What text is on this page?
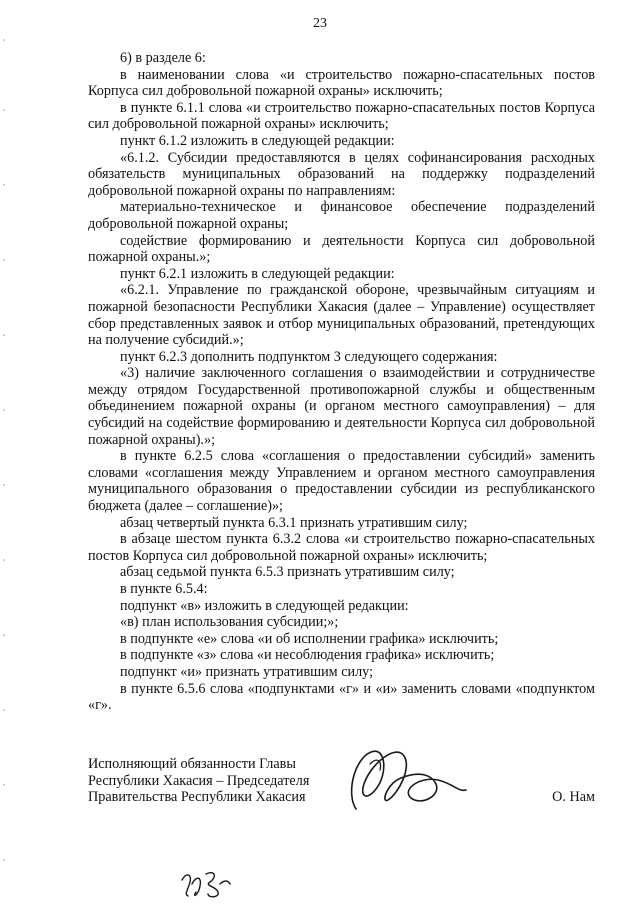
23

6) в разделе 6:

в наименовании слова «и строительство пожарно-спасательных постов Корпуса сил добровольной пожарной охраны» исключить;

в пункте 6.1.1 слова «и строительство пожарно-спасательных постов Корпуса сил добровольной пожарной охраны» исключить;

пункт 6.1.2 изложить в следующей редакции:

«6.1.2. Субсидии предоставляются в целях софинансирования расходных обязательств муниципальных образований на поддержку подразделений добровольной пожарной охраны по направлениям:

материально-техническое и финансовое обеспечение подразделений добровольной пожарной охраны;

содействие формированию и деятельности Корпуса сил добровольной пожарной охраны.»;

пункт 6.2.1 изложить в следующей редакции:

«6.2.1. Управление по гражданской обороне, чрезвычайным ситуациям и пожарной безопасности Республики Хакасия (далее – Управление) осуществляет сбор представленных заявок и отбор муниципальных образований, претендующих на получение субсидий.»;

пункт 6.2.3 дополнить подпунктом 3 следующего содержания:

«3) наличие заключенного соглашения о взаимодействии и сотрудничестве между отрядом Государственной противопожарной службы и общественным объединением пожарной охраны (и органом местного самоуправления) – для субсидий на содействие формированию и деятельности Корпуса сил добровольной пожарной охраны).»;

в пункте 6.2.5 слова «соглашения о предоставлении субсидий» заменить словами «соглашения между Управлением и органом местного самоуправления муниципального образования о предоставлении субсидии из республиканского бюджета (далее – соглашение)»;

абзац четвертый пункта 6.3.1 признать утратившим силу;

в абзаце шестом пункта 6.3.2 слова «и строительство пожарно-спасательных постов Корпуса сил добровольной пожарной охраны» исключить;

абзац седьмой пункта 6.5.3 признать утратившим силу;

в пункте 6.5.4:

подпункт «в» изложить в следующей редакции:

«в) план использования субсидии;»;

в подпункте «е» слова «и об исполнении графика» исключить;

в подпункте «з» слова «и несоблюдения графика» исключить;

подпункт «и» признать утратившим силу;

в пункте 6.5.6 слова «подпунктами «г» и «и» заменить словами «подпунктом «г».

Исполняющий обязанности Главы
Республики Хакасия – Председателя
Правительства Республики Хакасия	О. Нам
